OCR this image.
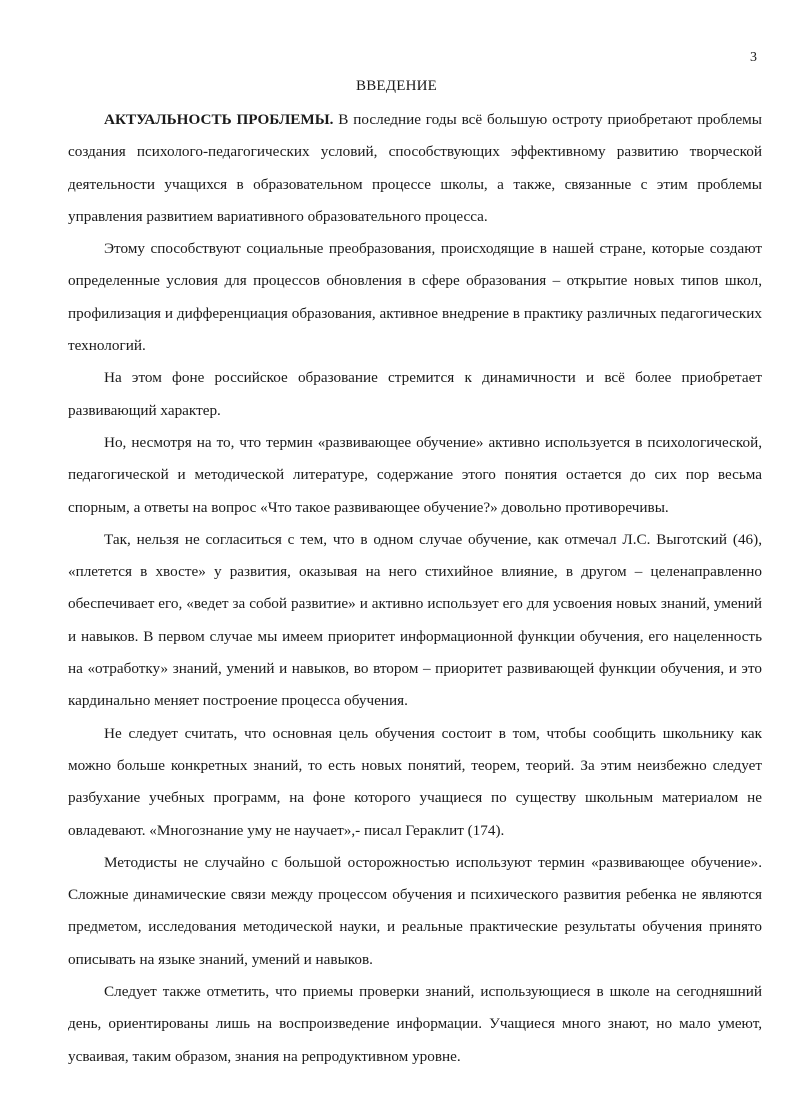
3
ВВЕДЕНИЕ

АКТУАЛЬНОСТЬ ПРОБЛЕМЫ. В последние годы всё большую остроту приобретают проблемы создания психолого-педагогических условий, способствующих эффективному развитию творческой деятельности учащихся в образовательном процессе школы, а также, связанные с этим проблемы управления развитием вариативного образовательного процесса.

Этому способствуют социальные преобразования, происходящие в нашей стране, которые создают определенные условия для процессов обновления в сфере образования – открытие новых типов школ, профилизация и дифференциация образования, активное внедрение в практику различных педагогических технологий.

На этом фоне российское образование стремится к динамичности и всё более приобретает развивающий характер.

Но, несмотря на то, что термин «развивающее обучение» активно используется в психологической, педагогической и методической литературе, содержание этого понятия остается до сих пор весьма спорным, а ответы на вопрос «Что такое развивающее обучение?» довольно противоречивы.

Так, нельзя не согласиться с тем, что в одном случае обучение, как отмечал Л.С. Выготский (46), «плетется в хвосте» у развития, оказывая на него стихийное влияние, в другом – целенаправленно обеспечивает его, «ведет за собой развитие» и активно использует его для усвоения новых знаний, умений и навыков. В первом случае мы имеем приоритет информационной функции обучения, его нацеленность на «отработку» знаний, умений и навыков, во втором – приоритет развивающей функции обучения, и это кардинально меняет построение процесса обучения.

Не следует считать, что основная цель обучения состоит в том, чтобы сообщить школьнику как можно больше конкретных знаний, то есть новых понятий, теорем, теорий. За этим неизбежно следует разбухание учебных программ, на фоне которого учащиеся по существу школьным материалом не овладевают. «Многознание уму не научает»,- писал Гераклит (174).

Методисты не случайно с большой осторожностью используют термин «развивающее обучение». Сложные динамические связи между процессом обучения и психического развития ребенка не являются предметом, исследования методической науки, и реальные практические результаты обучения принято описывать на языке знаний, умений и навыков.

Следует также отметить, что приемы проверки знаний, использующиеся в школе на сегодняшний день, ориентированы лишь на воспроизведение информации. Учащиеся много знают, но мало умеют, усваивая, таким образом, знания на репродуктивном уровне.
